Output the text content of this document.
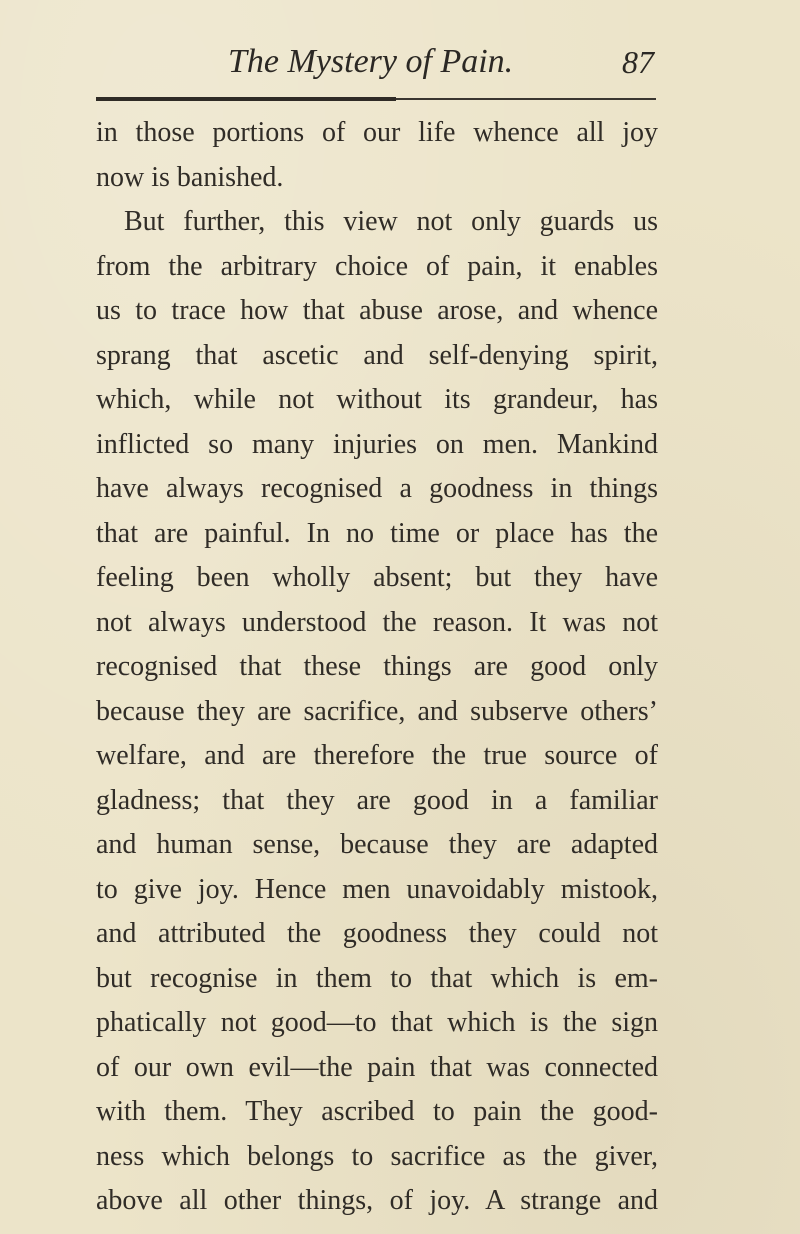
The Mystery of Pain.	87
in those portions of our life whence all joy
now is banished.
But further, this view not only guards us
from the arbitrary choice of pain, it enables
us to trace how that abuse arose, and whence
sprang that ascetic and self-denying spirit,
which, while not without its grandeur, has
inflicted so many injuries on men. Mankind
have always recognised a goodness in things
that are painful. In no time or place has the
feeling been wholly absent; but they have
not always understood the reason. It was not
recognised that these things are good only
because they are sacrifice, and subserve others’
welfare, and are therefore the true source of
gladness; that they are good in a familiar
and human sense, because they are adapted
to give joy. Hence men unavoidably mistook,
and attributed the goodness they could not
but recognise in them to that which is em-
phatically not good—to that which is the sign
of our own evil—the pain that was connected
with them. They ascribed to pain the good-
ness which belongs to sacrifice as the giver,
above all other things, of joy. A strange and
